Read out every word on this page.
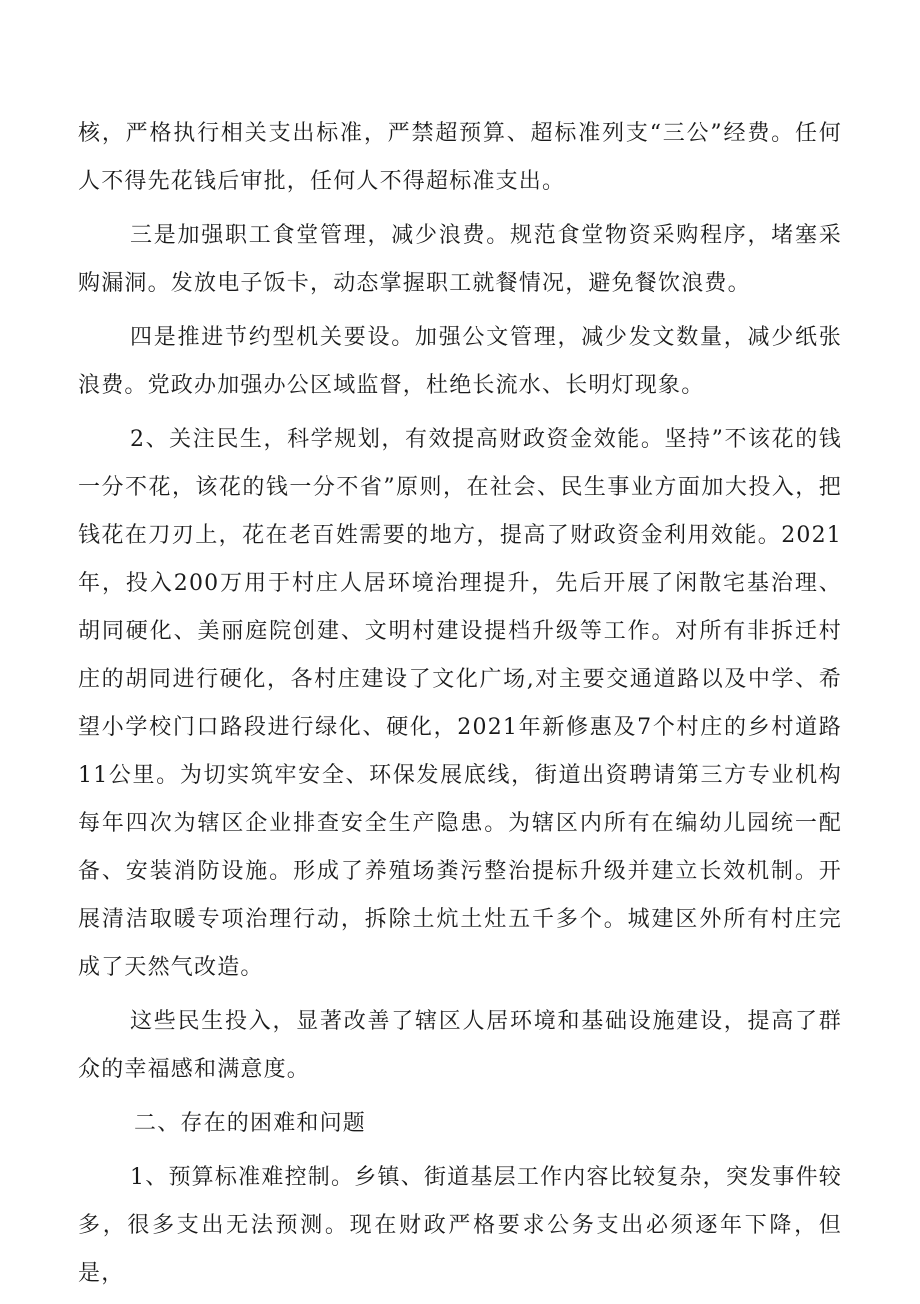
核，严格执行相关支出标准，严禁超预算、超标准列支“三公”经费。任何人不得先花钱后审批，任何人不得超标准支出。

三是加强职工食堂管理，减少浪费。规范食堂物资采购程序，堵塞采购漏洞。发放电子饭卡，动态掌握职工就餐情况，避免餐饮浪费。

四是推进节约型机关要设。加强公文管理，减少发文数量，减少纸张浪费。党政办加强办公区域监督，杜绝长流水、长明灯现象。

2、关注民生，科学规划，有效提高财政资金效能。坚持”不该花的钱一分不花，该花的钱一分不省”原则，在社会、民生事业方面加大投入，把钱花在刀刃上，花在老百姓需要的地方，提高了财政资金利用效能。2021年，投入200万用于村庄人居环境治理提升，先后开展了闲散宅基治理、胡同硬化、美丽庭院创建、文明村建设提档升级等工作。对所有非拆迁村庄的胡同进行硬化，各村庄建设了文化广场,对主要交通道路以及中学、希望小学校门口路段进行绿化、硬化，2021年新修惠及7个村庄的乡村道路11公里。为切实筑牢安全、环保发展底线，街道出资聘请第三方专业机构每年四次为辖区企业排查安全生产隐患。为辖区内所有在编幼儿园统一配备、安装消防设施。形成了养殖场粪污整治提标升级并建立长效机制。开展清洁取暖专项治理行动，拆除土炕土灶五千多个。城建区外所有村庄完成了天然气改造。

这些民生投入，显著改善了辖区人居环境和基础设施建设，提高了群众的幸福感和满意度。

二、存在的困难和问题

1、预算标准难控制。乡镇、街道基层工作内容比较复杂，突发事件较多，很多支出无法预测。现在财政严格要求公务支出必须逐年下降，但是，
